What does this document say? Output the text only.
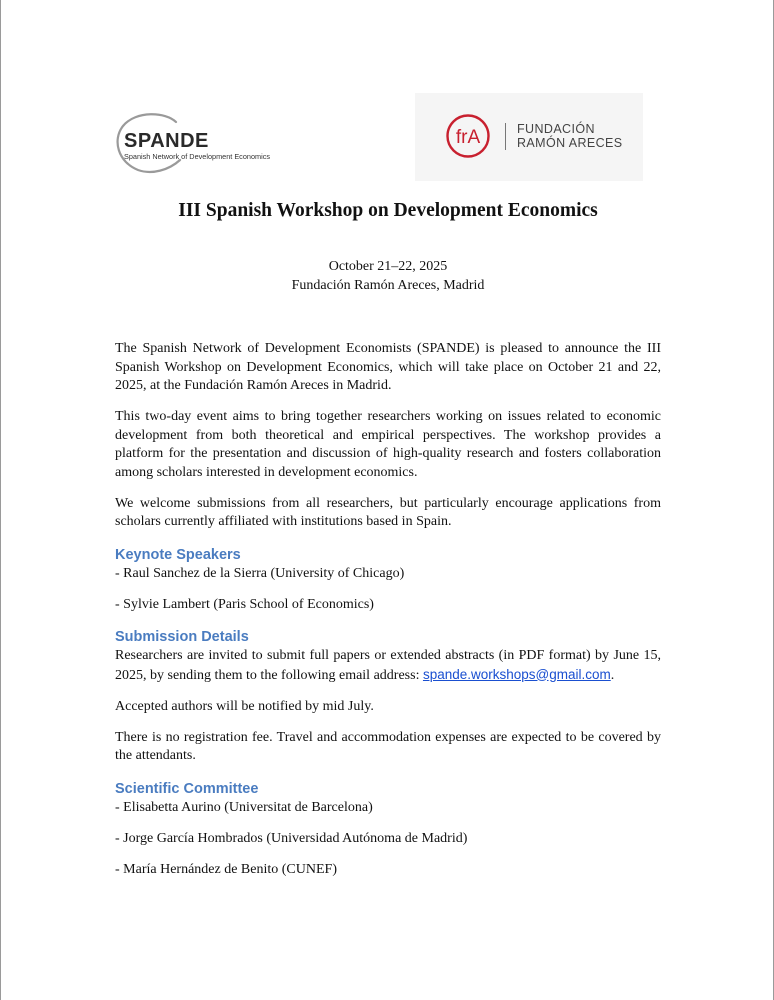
SPANDE
Spanish Network of Development Economics
frA	FUNDACIÓN
RAMÓN ARECES
III Spanish Workshop on Development Economics
October 21–22, 2025
Fundación Ramón Areces, Madrid

The Spanish Network of Development Economists (SPANDE) is pleased to announce the III Spanish Workshop on Development Economics, which will take place on October 21 and 22, 2025, at the Fundación Ramón Areces in Madrid.

This two-day event aims to bring together researchers working on issues related to economic development from both theoretical and empirical perspectives. The workshop provides a platform for the presentation and discussion of high-quality research and fosters collaboration among scholars interested in development economics.

We welcome submissions from all researchers, but particularly encourage applications from scholars currently affiliated with institutions based in Spain.

Keynote Speakers

- Raul Sanchez de la Sierra (University of Chicago)

- Sylvie Lambert (Paris School of Economics)

Submission Details

Researchers are invited to submit full papers or extended abstracts (in PDF format) by June 15, 2025, by sending them to the following email address: spande.workshops@gmail.com.

Accepted authors will be notified by mid July.

There is no registration fee. Travel and accommodation expenses are expected to be covered by the attendants.

Scientific Committee

- Elisabetta Aurino (Universitat de Barcelona)

- Jorge García Hombrados (Universidad Autónoma de Madrid)

- María Hernández de Benito (CUNEF)
